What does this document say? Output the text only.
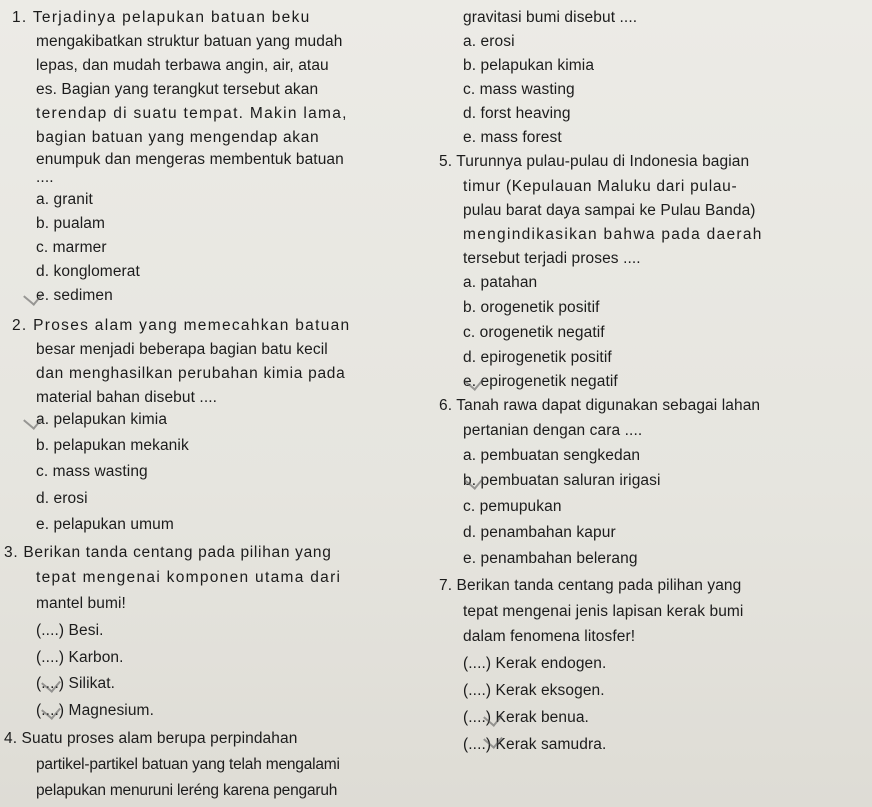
1. Terjadinya pelapukan batuan beku
mengakibatkan struktur batuan yang mudah
lepas, dan mudah terbawa angin, air, atau
es. Bagian yang terangkut tersebut akan
terendap di suatu tempat. Makin lama,
bagian batuan yang mengendap akan
enumpuk dan mengeras membentuk batuan
....
a. granit
b. pualam
c. marmer
d. konglomerat
e. sedimen
2. Proses alam yang memecahkan batuan
besar menjadi beberapa bagian batu kecil
dan menghasilkan perubahan kimia pada
material bahan disebut ....
a. pelapukan kimia
b. pelapukan mekanik
c. mass wasting
d. erosi
e. pelapukan umum
3. Berikan tanda centang pada pilihan yang
tepat mengenai komponen utama dari
mantel bumi!
(....) Besi.
(....) Karbon.
(....) Silikat.
(....) Magnesium.
4. Suatu proses alam berupa perpindahan
partikel-partikel batuan yang telah mengalami
pelapukan menuruni leréng karena pengaruh
gravitasi bumi disebut ....
a. erosi
b. pelapukan kimia
c. mass wasting
d. forst heaving
e. mass forest
5. Turunnya pulau-pulau di Indonesia bagian
timur (Kepulauan Maluku dari pulau-
pulau barat daya sampai ke Pulau Banda)
mengindikasikan bahwa pada daerah
tersebut terjadi proses ....
a. patahan
b. orogenetik positif
c. orogenetik negatif
d. epirogenetik positif
e. epirogenetik negatif
6. Tanah rawa dapat digunakan sebagai lahan
pertanian dengan cara ....
a. pembuatan sengkedan
b. pembuatan saluran irigasi
c. pemupukan
d. penambahan kapur
e. penambahan belerang
7. Berikan tanda centang pada pilihan yang
tepat mengenai jenis lapisan kerak bumi
dalam fenomena litosfer!
(....) Kerak endogen.
(....) Kerak eksogen.
(....) Kerak benua.
(....) Kerak samudra.
